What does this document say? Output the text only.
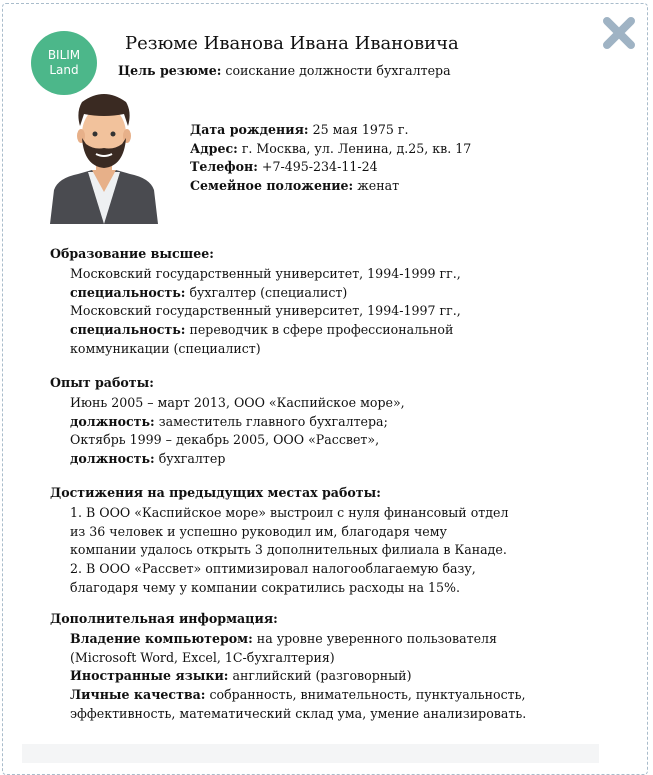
BILIM
Land
Резюме Иванова Ивана Ивановича
Цель резюме: соискание должности бухгалтера
Дата рождения: 25 мая 1975 г.
Адрес: г. Москва, ул. Ленина, д.25, кв. 17
Телефон: +7-495-234-11-24
Семейное положение: женат
Образование высшее:
Московский государственный университет, 1994-1999 гг.,
специальность: бухгалтер (специалист)
Московский государственный университет, 1994-1997 гг.,
специальность: переводчик в сфере профессиональной
коммуникации (специалист)
Опыт работы:
Июнь 2005 – март 2013, ООО «Каспийское море»,
должность: заместитель главного бухгалтера;
Октябрь 1999 – декабрь 2005, ООО «Рассвет»,
должность: бухгалтер
Достижения на предыдущих местах работы:
1. В ООО «Каспийское море» выстроил с нуля финансовый отдел
из 36 человек и успешно руководил им, благодаря чему
компании удалось открыть 3 дополнительных филиала в Канаде.
2. В ООО «Рассвет» оптимизировал налогооблагаемую базу,
благодаря чему у компании сократились расходы на 15%.
Дополнительная информация:
Владение компьютером: на уровне уверенного пользователя
(Microsoft Word, Excel, 1С-бухгалтерия)
Иностранные языки: английский (разговорный)
Личные качества: собранность, внимательность, пунктуальность,
эффективность, математический склад ума, умение анализировать.
